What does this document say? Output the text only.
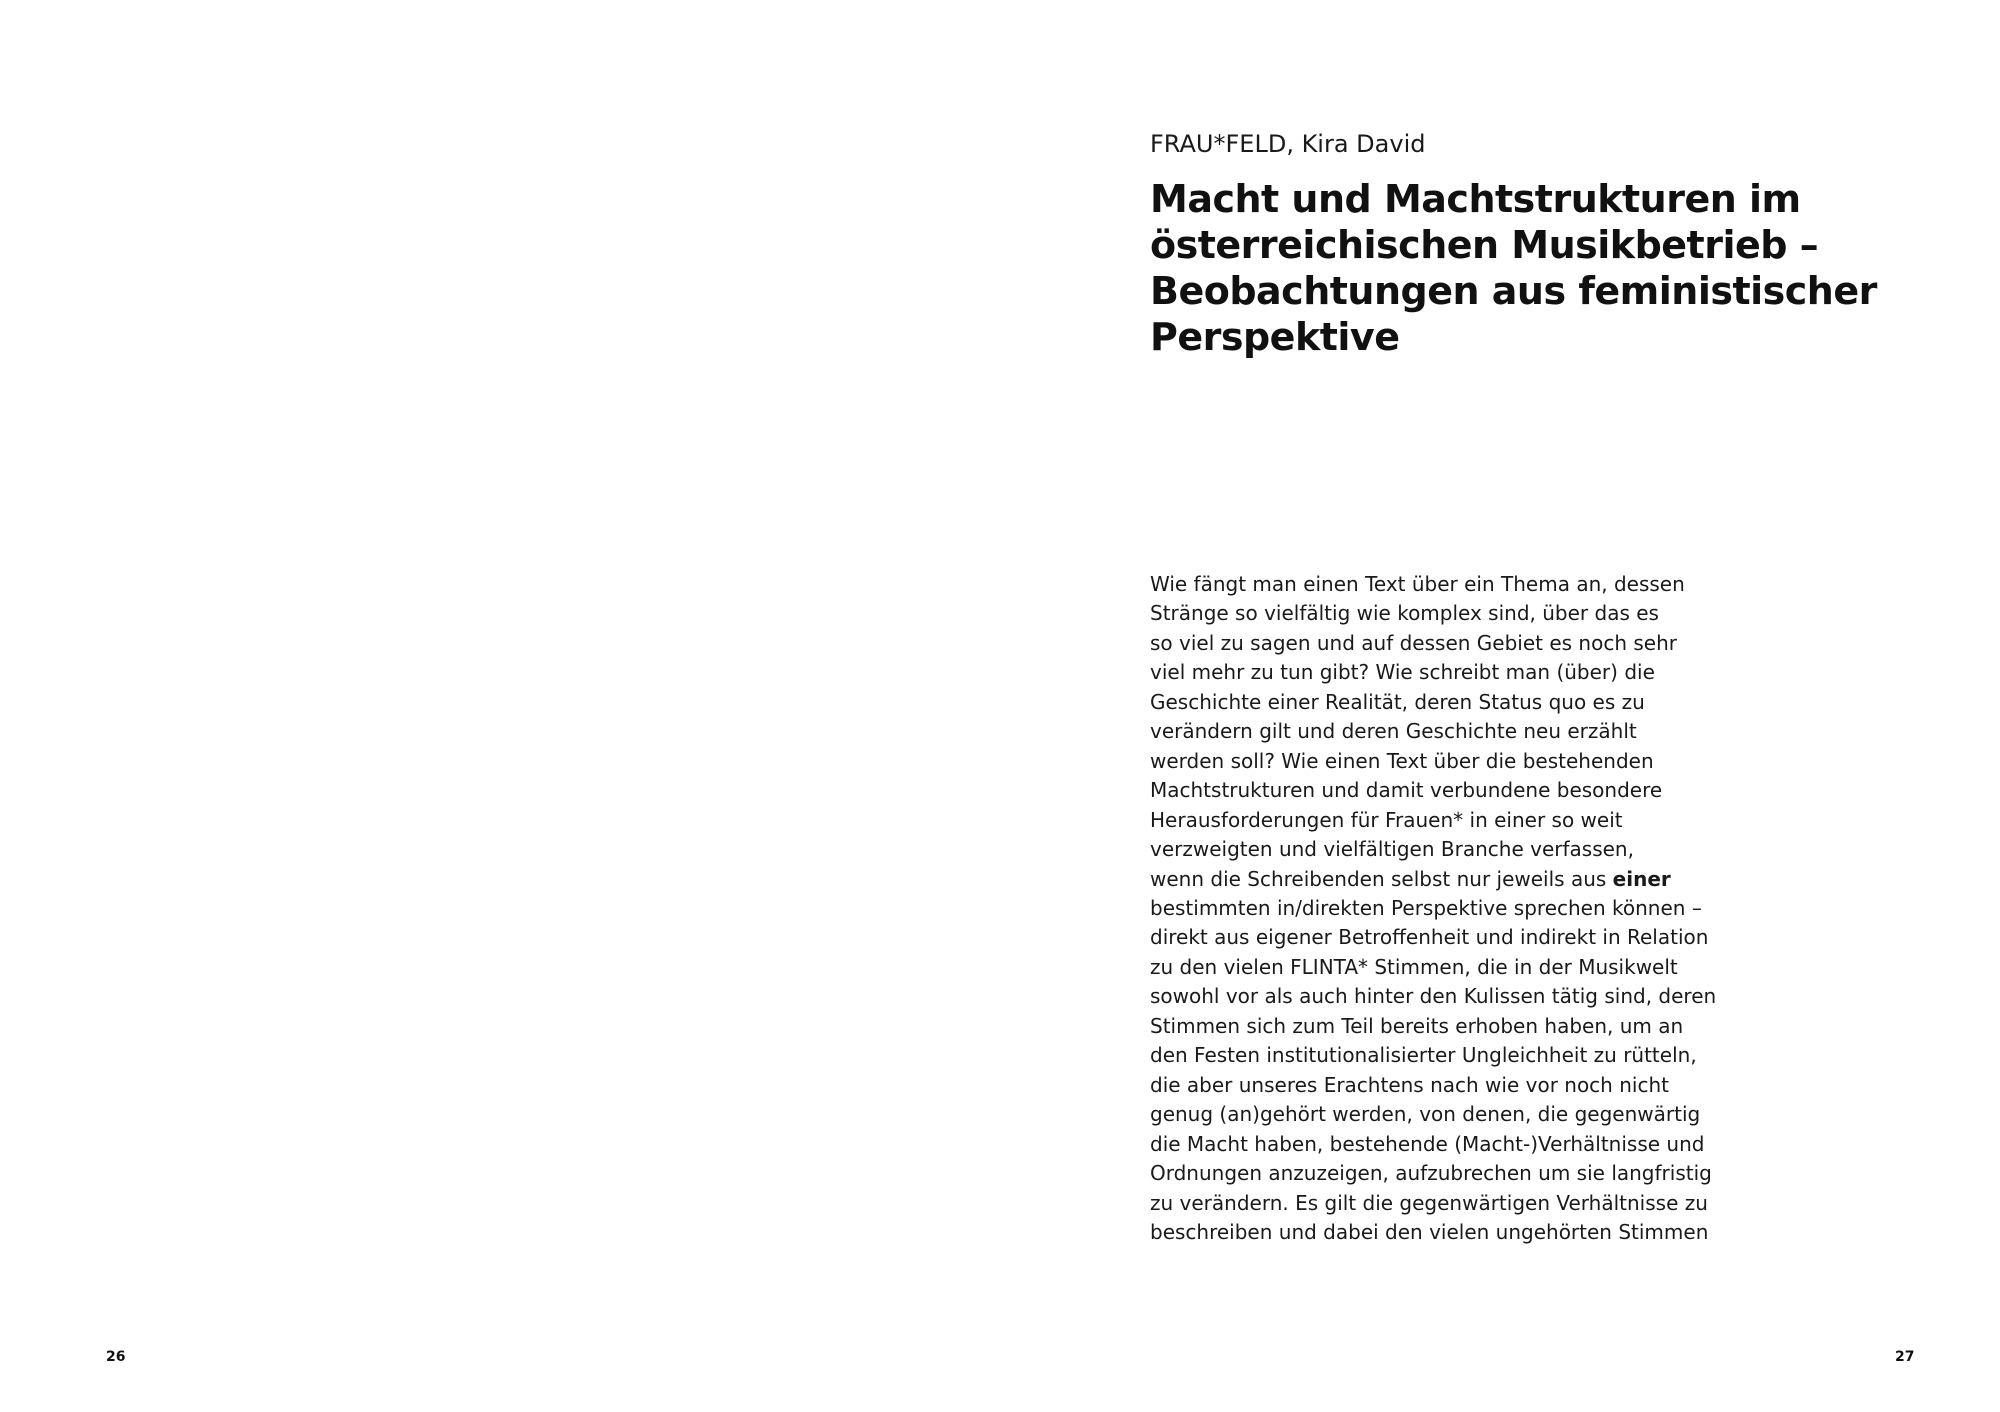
26
FRAU*FELD, Kira David
Macht und Machtstrukturen im
österreichischen Musikbetrieb –
Beobachtungen aus feministischer
Perspektive
Wie fängt man einen Text über ein Thema an, dessen
Stränge so vielfältig wie komplex sind, über das es
so viel zu sagen und auf dessen Gebiet es noch sehr
viel mehr zu tun gibt? Wie schreibt man (über) die
Geschichte einer Realität, deren Status quo es zu
verändern gilt und deren Geschichte neu erzählt
werden soll? Wie einen Text über die bestehenden
Machtstrukturen und damit verbundene besondere
Herausforderungen für Frauen* in einer so weit
verzweigten und vielfältigen Branche verfassen,
wenn die Schreibenden selbst nur jeweils aus einer
bestimmten in/direkten Perspektive sprechen können –
direkt aus eigener Betroffenheit und indirekt in Relation
zu den vielen FLINTA* Stimmen, die in der Musikwelt
sowohl vor als auch hinter den Kulissen tätig sind, deren
Stimmen sich zum Teil bereits erhoben haben, um an
den Festen institutionalisierter Ungleichheit zu rütteln,
die aber unseres Erachtens nach wie vor noch nicht
genug (an)gehört werden, von denen, die gegenwärtig
die Macht haben, bestehende (Macht-)Verhältnisse und
Ordnungen anzuzeigen, aufzubrechen um sie langfristig
zu verändern. Es gilt die gegenwärtigen Verhältnisse zu
beschreiben und dabei den vielen ungehörten Stimmen
27
